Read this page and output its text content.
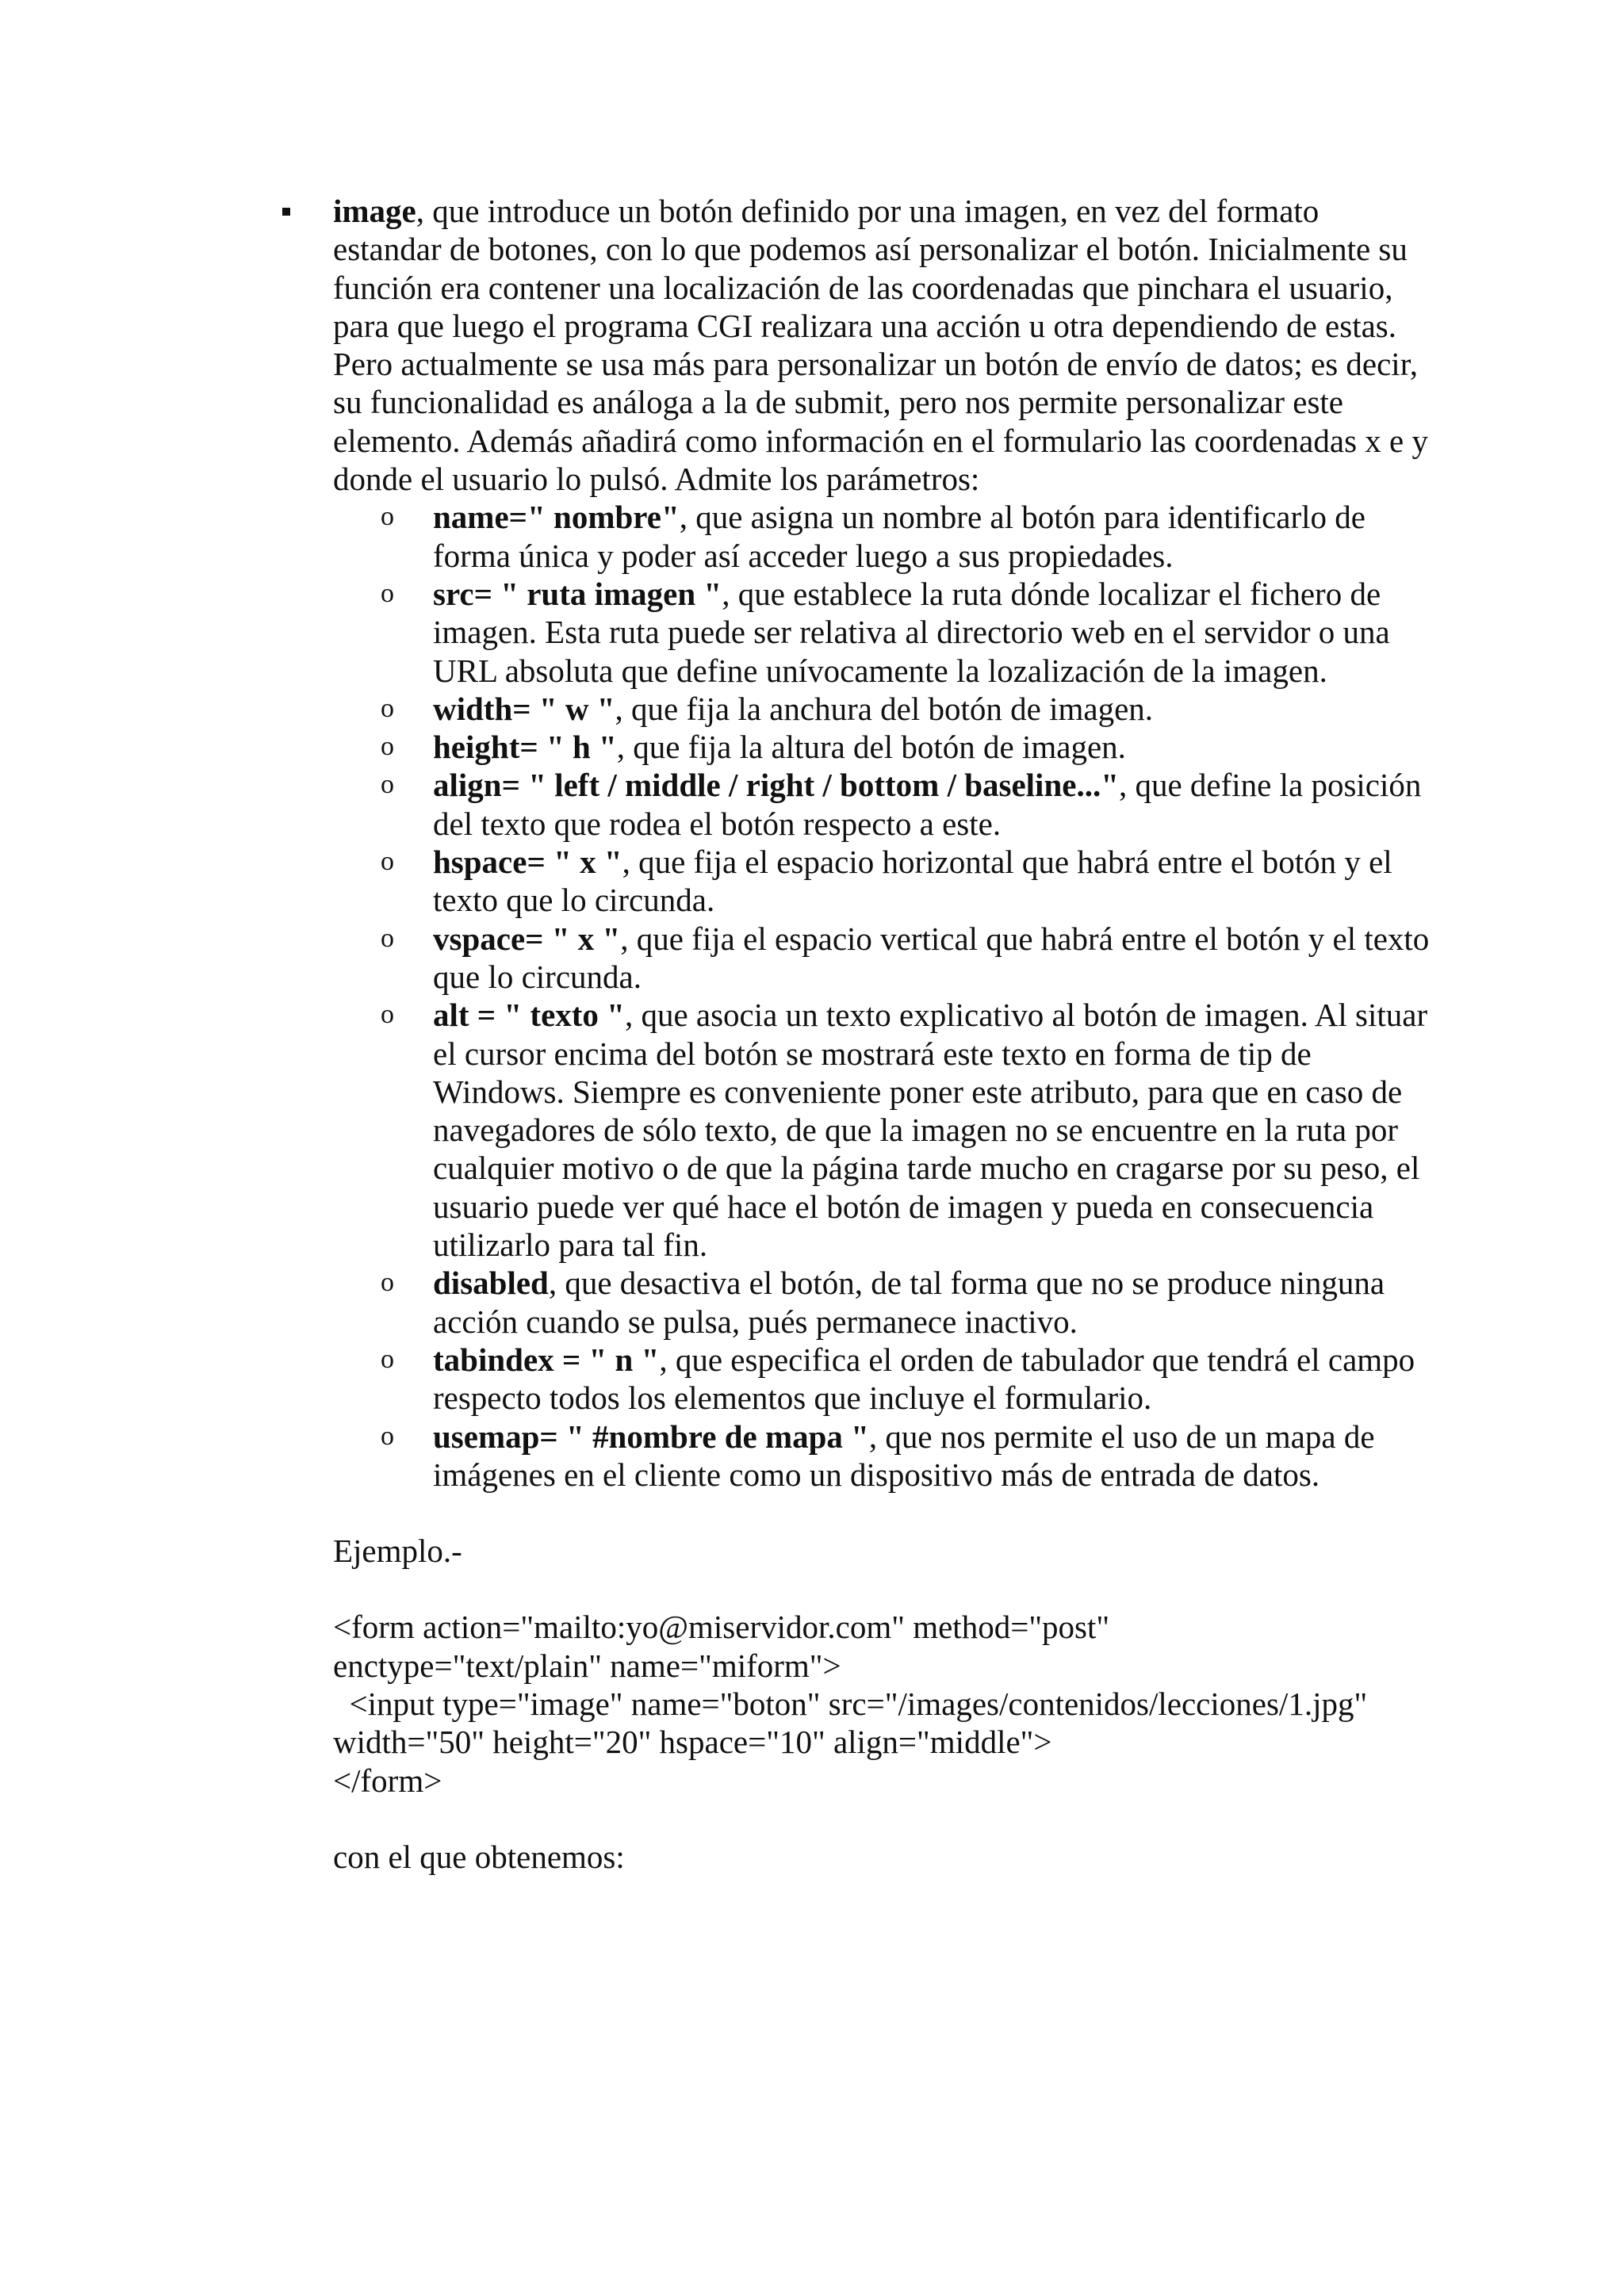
image, que introduce un botón definido por una imagen, en vez del formato estandar de botones, con lo que podemos así personalizar el botón. Inicialmente su función era contener una localización de las coordenadas que pinchara el usuario, para que luego el programa CGI realizara una acción u otra dependiendo de estas. Pero actualmente se usa más para personalizar un botón de envío de datos; es decir, su funcionalidad es análoga a la de submit, pero nos permite personalizar este elemento. Además añadirá como información en el formulario las coordenadas x e y donde el usuario lo pulsó. Admite los parámetros:
o name=" nombre", que asigna un nombre al botón para identificarlo de forma única y poder así acceder luego a sus propiedades.
o src= " ruta imagen ", que establece la ruta dónde localizar el fichero de imagen. Esta ruta puede ser relativa al directorio web en el servidor o una URL absoluta que define unívocamente la lozalización de la imagen.
o width= " w ", que fija la anchura del botón de imagen.
o height= " h ", que fija la altura del botón de imagen.
o align= " left / middle / right / bottom / baseline...", que define la posición del texto que rodea el botón respecto a este.
o hspace= " x ", que fija el espacio horizontal que habrá entre el botón y el texto que lo circunda.
o vspace= " x ", que fija el espacio vertical que habrá entre el botón y el texto que lo circunda.
o alt = " texto ", que asocia un texto explicativo al botón de imagen. Al situar el cursor encima del botón se mostrará este texto en forma de tip de Windows. Siempre es conveniente poner este atributo, para que en caso de navegadores de sólo texto, de que la imagen no se encuentre en la ruta por cualquier motivo o de que la página tarde mucho en cragarse por su peso, el usuario puede ver qué hace el botón de imagen y pueda en consecuencia utilizarlo para tal fin.
o disabled, que desactiva el botón, de tal forma que no se produce ninguna acción cuando se pulsa, pués permanece inactivo.
o tabindex = " n ", que especifica el orden de tabulador que tendrá el campo respecto todos los elementos que incluye el formulario.
o usemap= " #nombre de mapa ", que nos permite el uso de un mapa de imágenes en el cliente como un dispositivo más de entrada de datos.
Ejemplo.-
<form action="mailto:yo@miservidor.com" method="post"
enctype="text/plain" name="miform">
<input type="image" name="boton" src="/images/contenidos/lecciones/1.jpg"
width="50" height="20" hspace="10" align="middle">
</form>
con el que obtenemos:
